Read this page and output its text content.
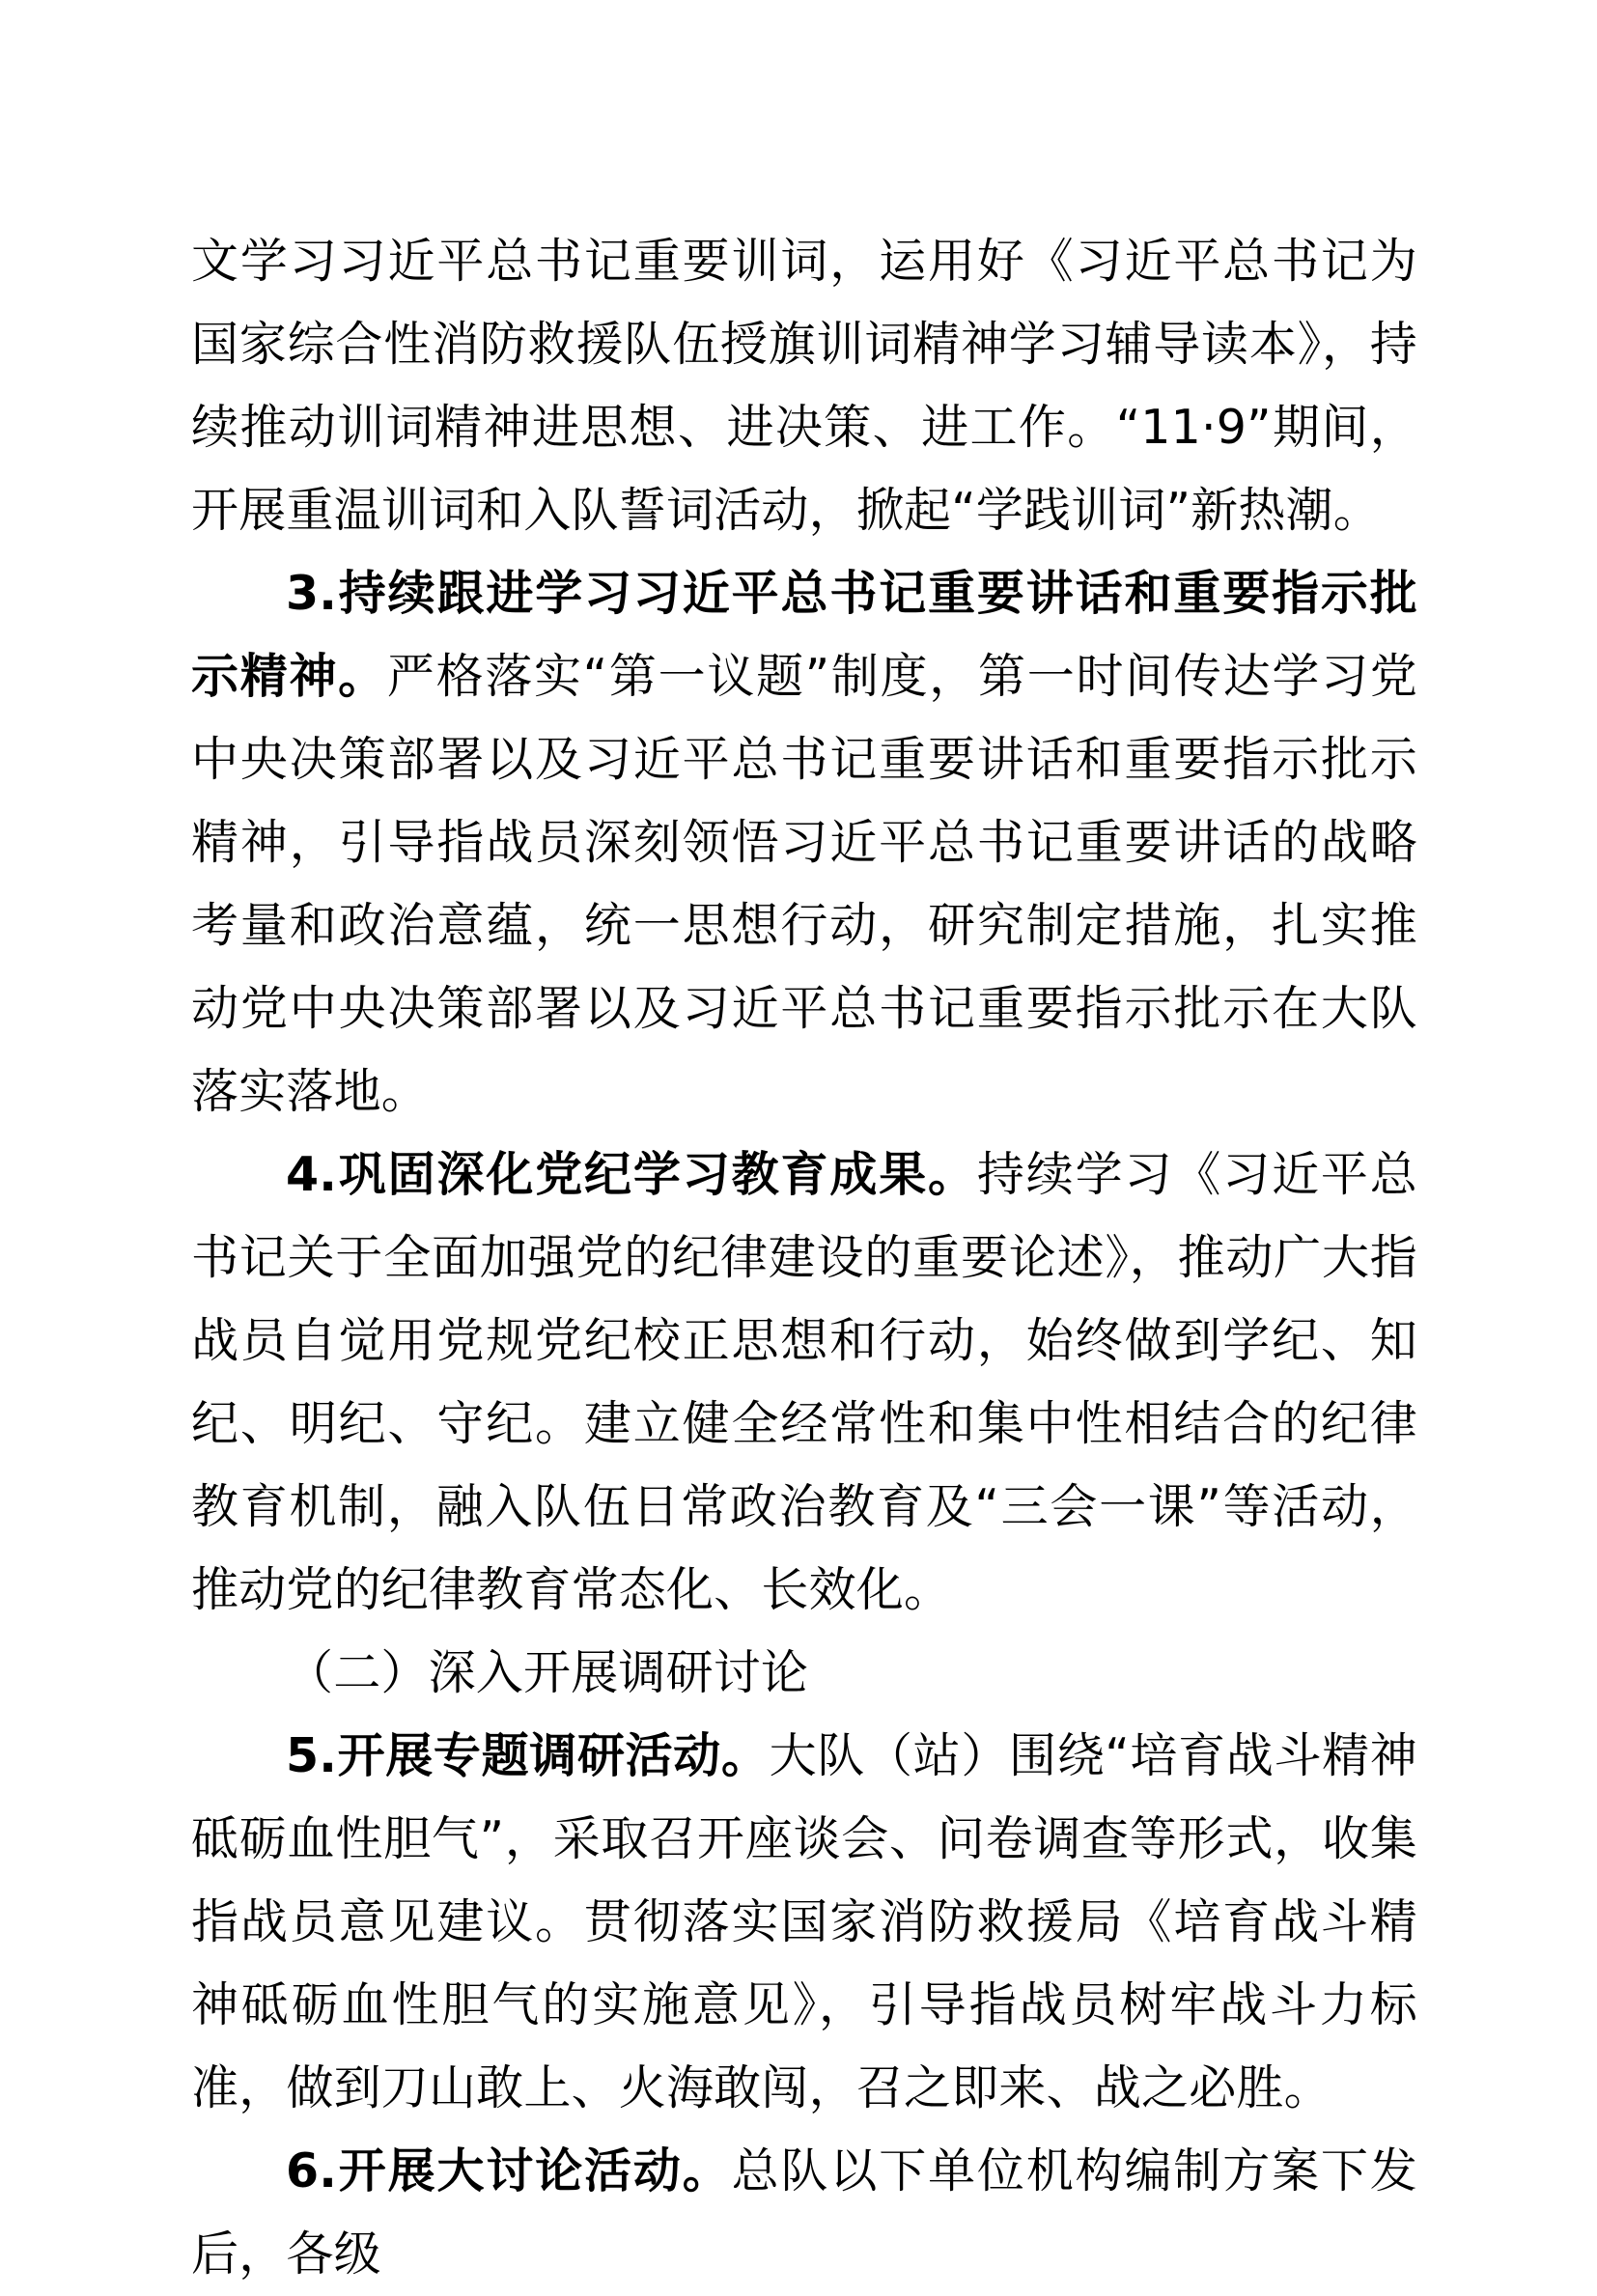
文学习习近平总书记重要训词，运用好《习近平总书记为国家综合性消防救援队伍授旗训词精神学习辅导读本》，持续推动训词精神进思想、进决策、进工作。“11·9”期间，开展重温训词和入队誓词活动，掀起“学践训词”新热潮。

3.持续跟进学习习近平总书记重要讲话和重要指示批示精神。严格落实“第一议题”制度，第一时间传达学习党中央决策部署以及习近平总书记重要讲话和重要指示批示精神，引导指战员深刻领悟习近平总书记重要讲话的战略考量和政治意蕴，统一思想行动，研究制定措施，扎实推动党中央决策部署以及习近平总书记重要指示批示在大队落实落地。

4.巩固深化党纪学习教育成果。持续学习《习近平总书记关于全面加强党的纪律建设的重要论述》，推动广大指战员自觉用党规党纪校正思想和行动，始终做到学纪、知纪、明纪、守纪。建立健全经常性和集中性相结合的纪律教育机制，融入队伍日常政治教育及“三会一课”等活动，推动党的纪律教育常态化、长效化。

（二）深入开展调研讨论

5.开展专题调研活动。大队（站）围绕“培育战斗精神砥砺血性胆气”，采取召开座谈会、问卷调查等形式，收集指战员意见建议。贯彻落实国家消防救援局《培育战斗精神砥砺血性胆气的实施意见》，引导指战员树牢战斗力标准，做到刀山敢上、火海敢闯，召之即来、战之必胜。

6.开展大讨论活动。总队以下单位机构编制方案下发后，各级
